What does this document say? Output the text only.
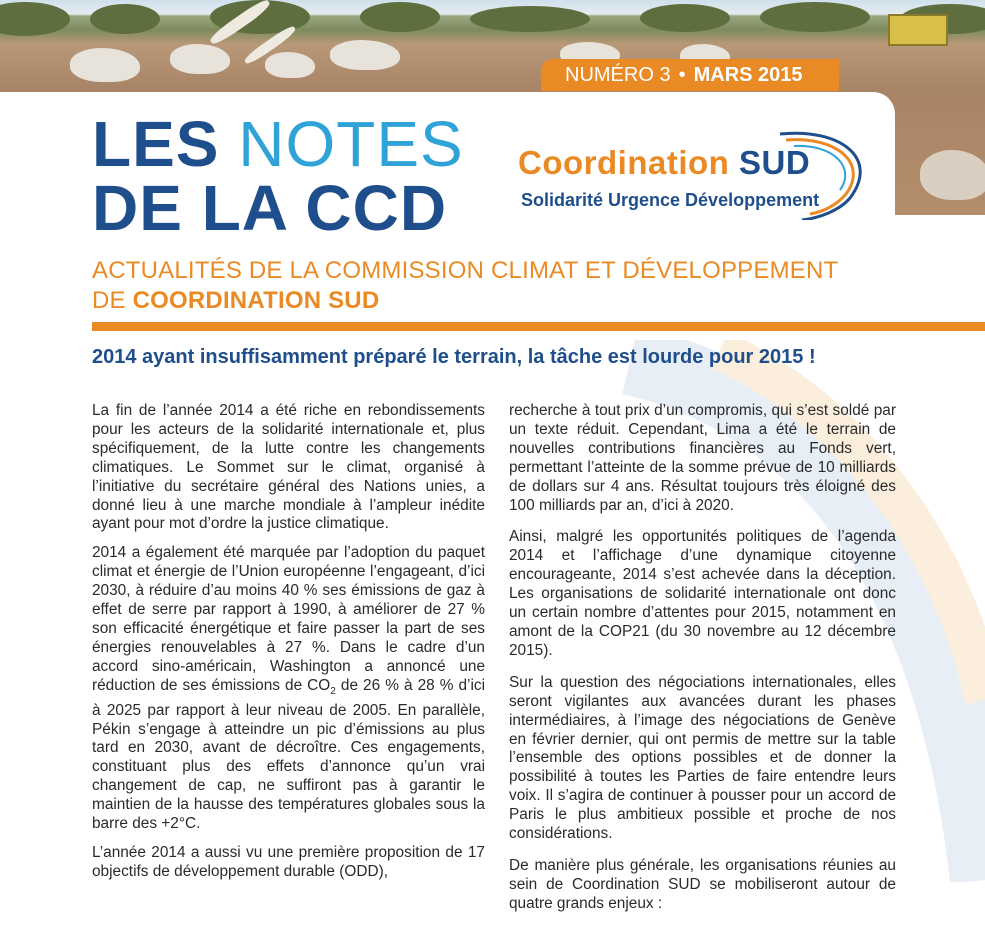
NUMÉRO 3 • MARS 2015
LES NOTES
DE LA CCD
Coordination SUD
Solidarité Urgence Développement
ACTUALITÉS DE LA COMMISSION CLIMAT ET DÉVELOPPEMENT
DE COORDINATION SUD
2014 ayant insuffisamment préparé le terrain, la tâche est lourde pour 2015 !

La fin de l’année 2014 a été riche en rebondissements pour les acteurs de la solidarité internationale et, plus spécifiquement, de la lutte contre les changements climatiques. Le Sommet sur le climat, organisé à l’initiative du secrétaire général des Nations unies, a donné lieu à une marche mondiale à l’ampleur inédite ayant pour mot d’ordre la justice climatique.

2014 a également été marquée par l’adoption du paquet climat et énergie de l’Union européenne l’engageant, d’ici 2030, à réduire d’au moins 40 % ses émissions de gaz à effet de serre par rapport à 1990, à améliorer de 27 % son efficacité énergétique et faire passer la part de ses énergies renouvelables à 27 %. Dans le cadre d’un accord sino-américain, Washington a annoncé une réduction de ses émissions de $CO_2$ de 26 % à 28 % d’ici à 2025 par rapport à leur niveau de 2005. En parallèle, Pékin s’engage à atteindre un pic d’émissions au plus tard en 2030, avant de décroître. Ces engagements, constituant plus des effets d’annonce qu’un vrai changement de cap, ne suffiront pas à garantir le maintien de la hausse des températures globales sous la barre des +2°C.

L’année 2014 a aussi vu une première proposition de 17 objectifs de développement durable (ODD),

recherche à tout prix d’un compromis, qui s’est soldé par un texte réduit. Cependant, Lima a été le terrain de nouvelles contributions financières au Fonds vert, permettant l’atteinte de la somme prévue de 10 milliards de dollars sur 4 ans. Résultat toujours très éloigné des 100 milliards par an, d’ici à 2020.

Ainsi, malgré les opportunités politiques de l’agenda 2014 et l’affichage d’une dynamique citoyenne encourageante, 2014 s’est achevée dans la déception. Les organisations de solidarité internationale ont donc un certain nombre d’attentes pour 2015, notamment en amont de la COP21 (du 30 novembre au 12 décembre 2015).

Sur la question des négociations internationales, elles seront vigilantes aux avancées durant les phases intermédiaires, à l’image des négociations de Genève en février dernier, qui ont permis de mettre sur la table l’ensemble des options possibles et de donner la possibilité à toutes les Parties de faire entendre leurs voix. Il s’agira de continuer à pousser pour un accord de Paris le plus ambitieux possible et proche de nos considérations.

De manière plus générale, les organisations réunies au sein de Coordination SUD se mobiliseront autour de quatre grands enjeux :
